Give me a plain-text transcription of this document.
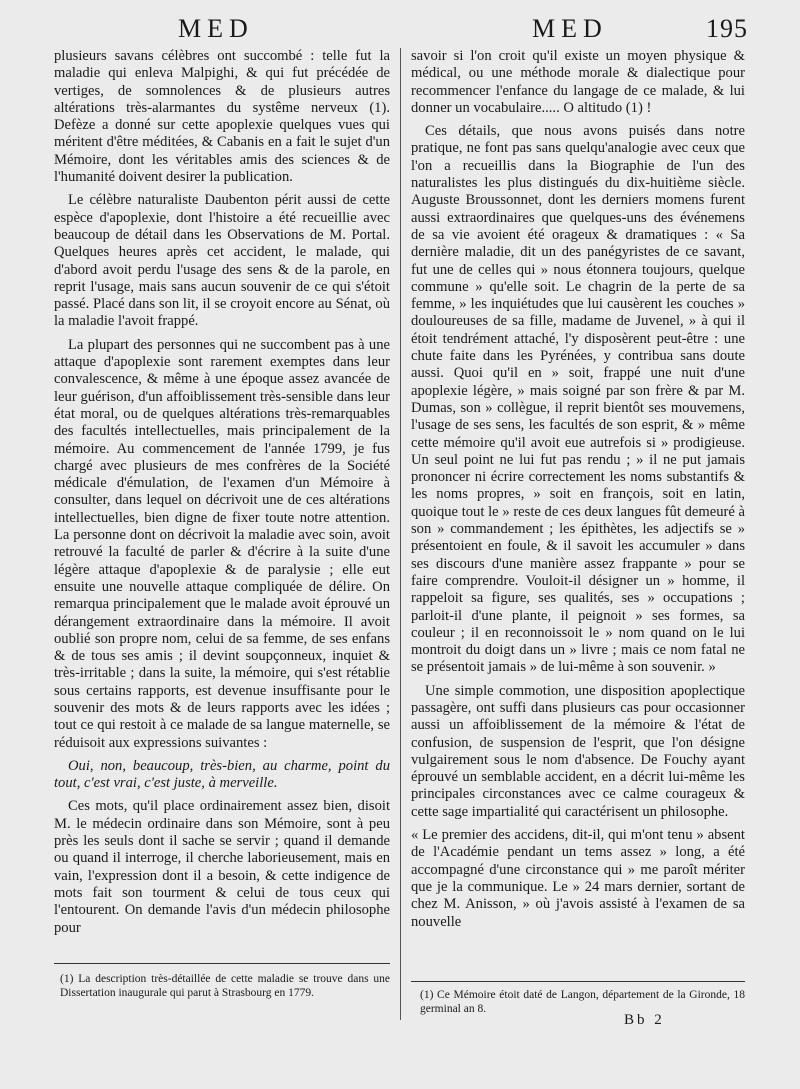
MED	MED	195

plusieurs savans célèbres ont succombé : telle fut la maladie qui enleva Malpighi, & qui fut précédée de vertiges, de somnolences & de plusieurs autres altérations très-alarmantes du systême nerveux (1). Defèze a donné sur cette apoplexie quelques vues qui méritent d'être méditées, & Cabanis en a fait le sujet d'un Mémoire, dont les véritables amis des sciences & de l'humanité doivent desirer la publication.

Le célèbre naturaliste Daubenton périt aussi de cette espèce d'apoplexie, dont l'histoire a été recueillie avec beaucoup de détail dans les Observations de M. Portal. Quelques heures après cet accident, le malade, qui d'abord avoit perdu l'usage des sens & de la parole, en reprit l'usage, mais sans aucun souvenir de ce qui s'étoit passé. Placé dans son lit, il se croyoit encore au Sénat, où la maladie l'avoit frappé.

La plupart des personnes qui ne succombent pas à une attaque d'apoplexie sont rarement exemptes dans leur convalescence, & même à une époque assez avancée de leur guérison, d'un affoiblissement très-sensible dans leur état moral, ou de quelques altérations très-remarquables des facultés intellectuelles, mais principalement de la mémoire. Au commencement de l'année 1799, je fus chargé avec plusieurs de mes confrères de la Société médicale d'émulation, de l'examen d'un Mémoire à consulter, dans lequel on décrivoit une de ces altérations intellectuelles, bien digne de fixer toute notre attention. La personne dont on décrivoit la maladie avec soin, avoit retrouvé la faculté de parler & d'écrire à la suite d'une légère attaque d'apoplexie & de paralysie ; elle eut ensuite une nouvelle attaque compliquée de délire. On remarqua principalement que le malade avoit éprouvé un dérangement extraordinaire dans la mémoire. Il avoit oublié son propre nom, celui de sa femme, de ses enfans & de tous ses amis ; il devint soupçonneux, inquiet & très-irritable ; dans la suite, la mémoire, qui s'est rétablie sous certains rapports, est devenue insuffisante pour le souvenir des mots & de leurs rapports avec les idées ; tout ce qui restoit à ce malade de sa langue maternelle, se réduisoit aux expressions suivantes :

Oui, non, beaucoup, très-bien, au charme, point du tout, c'est vrai, c'est juste, à merveille.

Ces mots, qu'il place ordinairement assez bien, disoit M. le médecin ordinaire dans son Mémoire, sont à peu près les seuls dont il sache se servir ; quand il demande ou quand il interroge, il cherche laborieusement, mais en vain, l'expression dont il a besoin, & cette indigence de mots fait son tourment & celui de tous ceux qui l'entourent. On demande l'avis d'un médecin philosophe pour

savoir si l'on croit qu'il existe un moyen physique & médical, ou une méthode morale & dialectique pour recommencer l'enfance du langage de ce malade, & lui donner un vocabulaire..... O altitudo (1) !

Ces détails, que nous avons puisés dans notre pratique, ne font pas sans quelqu'analogie avec ceux que l'on a recueillis dans la Biographie de l'un des naturalistes les plus distingués du dix-huitième siècle. Auguste Broussonnet, dont les derniers momens furent aussi extraordinaires que quelques-uns des événemens de sa vie avoient été orageux & dramatiques : « Sa dernière maladie, dit un des panégyristes de ce savant, fut une de celles qui » nous étonnera toujours, quelque commune » qu'elle soit. Le chagrin de la perte de sa femme, » les inquiétudes que lui causèrent les couches » douloureuses de sa fille, madame de Juvenel, » à qui il étoit tendrément attaché, l'y disposèrent peut-être : une chute faite dans les Pyrénées, y contribua sans doute aussi. Quoi qu'il en » soit, frappé une nuit d'une apoplexie légère, » mais soigné par son frère & par M. Dumas, son » collègue, il reprit bientôt ses mouvemens, l'usage de ses sens, les facultés de son esprit, & » même cette mémoire qu'il avoit eue autrefois si » prodigieuse. Un seul point ne lui fut pas rendu ; » il ne put jamais prononcer ni écrire correctement les noms substantifs & les noms propres, » soit en françois, soit en latin, quoique tout le » reste de ces deux langues fût demeuré à son » commandement ; les épithètes, les adjectifs se » présentoient en foule, & il savoit les accumuler » dans ses discours d'une manière assez frappante » pour se faire comprendre. Vouloit-il désigner un » homme, il rappeloit sa figure, ses qualités, ses » occupations ; parloit-il d'une plante, il peignoit » ses formes, sa couleur ; il en reconnoissoit le » nom quand on le lui montroit du doigt dans un » livre ; mais ce nom fatal ne se présentoit jamais » de lui-même à son souvenir. »

Une simple commotion, une disposition apoplectique passagère, ont suffi dans plusieurs cas pour occasionner aussi un affoiblissement de la mémoire & l'état de confusion, de suspension de l'esprit, que l'on désigne vulgairement sous le nom d'absence. De Fouchy ayant éprouvé un semblable accident, en a décrit lui-même les principales circonstances avec ce calme courageux & cette sage impartialité qui caractérisent un philosophe.

« Le premier des accidens, dit-il, qui m'ont tenu » absent de l'Académie pendant un tems assez » long, a été accompagné d'une circonstance qui » me paroît mériter que je la communique. Le » 24 mars dernier, sortant de chez M. Anisson, » où j'avois assisté à l'examen de sa nouvelle

(1) La description très-détaillée de cette maladie se trouve dans une Dissertation inaugurale qui parut à Strasbourg en 1779.	(1) Ce Mémoire étoit daté de Langon, département de la Gironde, 18 germinal an 8.
Bb 2
